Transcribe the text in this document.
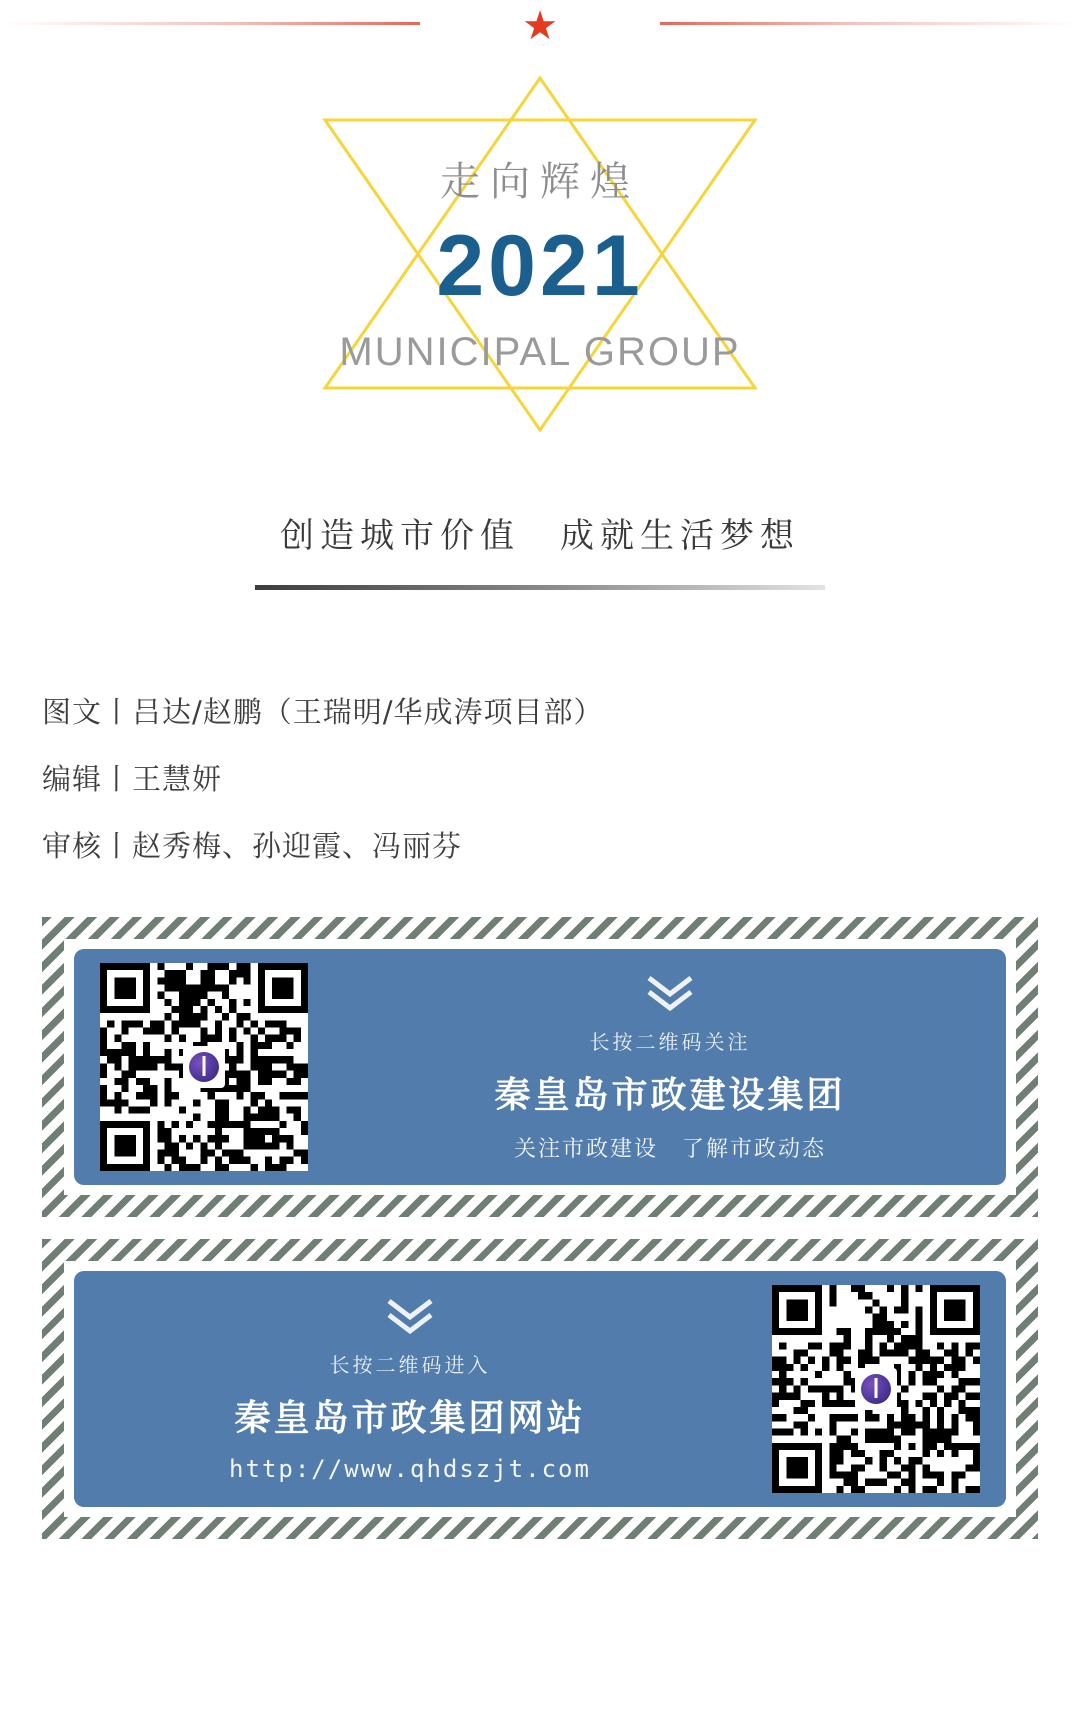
★
走向辉煌
2021
MUNICIPAL GROUP
创造城市价值　成就生活梦想
图文丨吕达/赵鹏（王瑞明/华成涛项目部）
编辑丨王慧妍
审核丨赵秀梅、孙迎霞、冯丽芬
长按二维码关注
秦皇岛市政建设集团
关注市政建设　了解市政动态
长按二维码进入
秦皇岛市政集团网站
http://www.qhdszjt.com
